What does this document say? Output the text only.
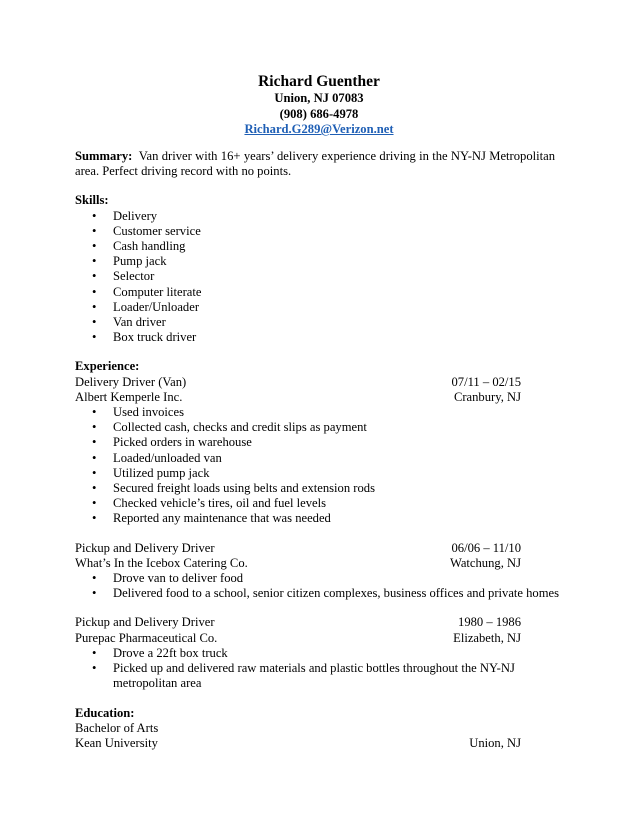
Richard Guenther
Union, NJ 07083
(908) 686-4978
Richard.G289@Verizon.net

Summary: Van driver with 16+ years’ delivery experience driving in the NY-NJ Metropolitan area. Perfect driving record with no points.

Skills:
• Delivery
• Customer service
• Cash handling
• Pump jack
• Selector
• Computer literate
• Loader/Unloader
• Van driver
• Box truck driver
Experience:
Delivery Driver (Van)	07/11 – 02/15
Albert Kemperle Inc.	Cranbury, NJ
• Used invoices
• Collected cash, checks and credit slips as payment
• Picked orders in warehouse
• Loaded/unloaded van
• Utilized pump jack
• Secured freight loads using belts and extension rods
• Checked vehicle’s tires, oil and fuel levels
• Reported any maintenance that was needed
Pickup and Delivery Driver	06/06 – 11/10
What’s In the Icebox Catering Co.	Watchung, NJ
• Drove van to deliver food
• Delivered food to a school, senior citizen complexes, business offices and private homes
Pickup and Delivery Driver	1980 – 1986
Purepac Pharmaceutical Co.	Elizabeth, NJ
• Drove a 22ft box truck
• Picked up and delivered raw materials and plastic bottles throughout the NY-NJ metropolitan area
Education:
Bachelor of Arts
Kean University	Union, NJ
